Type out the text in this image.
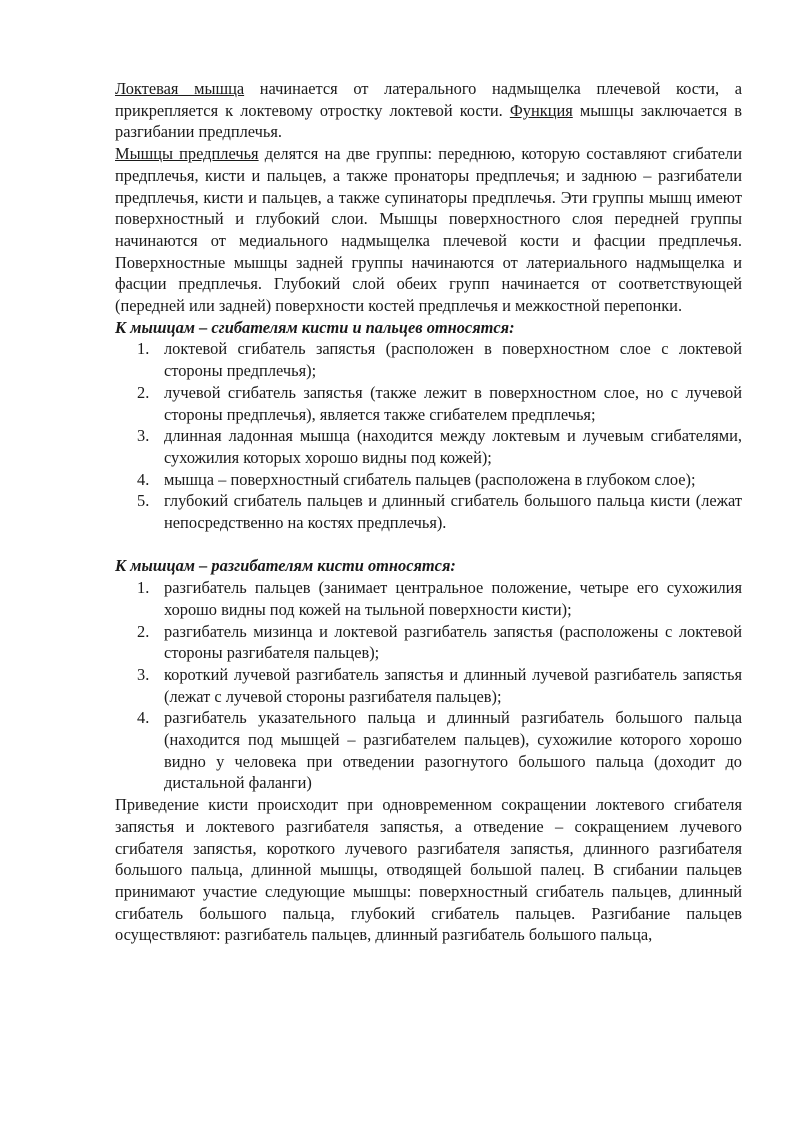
Локтевая мышца начинается от латерального надмыщелка плечевой кости, а прикрепляется к локтевому отростку локтевой кости. Функция мышцы заключается в разгибании предплечья.

Мышцы предплечья делятся на две группы: переднюю, которую составляют сгибатели предплечья, кисти и пальцев, а также пронаторы предплечья; и заднюю – разгибатели предплечья, кисти и пальцев, а также супинаторы предплечья. Эти группы мышц имеют поверхностный и глубокий слои. Мышцы поверхностного слоя передней группы начинаются от медиального надмыщелка плечевой кости и фасции предплечья. Поверхностные мышцы задней группы начинаются от латериального надмыщелка и фасции предплечья. Глубокий слой обеих групп начинается от соответствующей (передней или задней) поверхности костей предплечья и межкостной перепонки.

К мышцам – сгибателям кисти и пальцев относятся:
1. локтевой сгибатель запястья (расположен в поверхностном слое с локтевой стороны предплечья);
2. лучевой сгибатель запястья (также лежит в поверхностном слое, но с лучевой стороны предплечья), является также сгибателем предплечья;
3. длинная ладонная мышца (находится между локтевым и лучевым сгибателями, сухожилия которых хорошо видны под кожей);
4. мышца – поверхностный сгибатель пальцев (расположена в глубоком слое);
5. глубокий сгибатель пальцев и длинный сгибатель большого пальца кисти (лежат непосредственно на костях предплечья).
К мышцам – разгибателям кисти относятся:
1. разгибатель пальцев (занимает центральное положение, четыре его сухожилия хорошо видны под кожей на тыльной поверхности кисти);
2. разгибатель мизинца и локтевой разгибатель запястья (расположены с локтевой стороны разгибателя пальцев);
3. короткий лучевой разгибатель запястья и длинный лучевой разгибатель запястья (лежат с лучевой стороны разгибателя пальцев);
4. разгибатель указательного пальца и длинный разгибатель большого пальца (находится под мышцей – разгибателем пальцев), сухожилие которого хорошо видно у человека при отведении разогнутого большого пальца (доходит до дистальной фаланги)

Приведение кисти происходит при одновременном сокращении локтевого сгибателя запястья и локтевого разгибателя запястья, а отведение – сокращением лучевого сгибателя запястья, короткого лучевого разгибателя запястья, длинного разгибателя большого пальца, длинной мышцы, отводящей большой палец. В сгибании пальцев принимают участие следующие мышцы: поверхностный сгибатель пальцев, длинный сгибатель большого пальца, глубокий сгибатель пальцев. Разгибание пальцев осуществляют: разгибатель пальцев, длинный разгибатель большого пальца,
